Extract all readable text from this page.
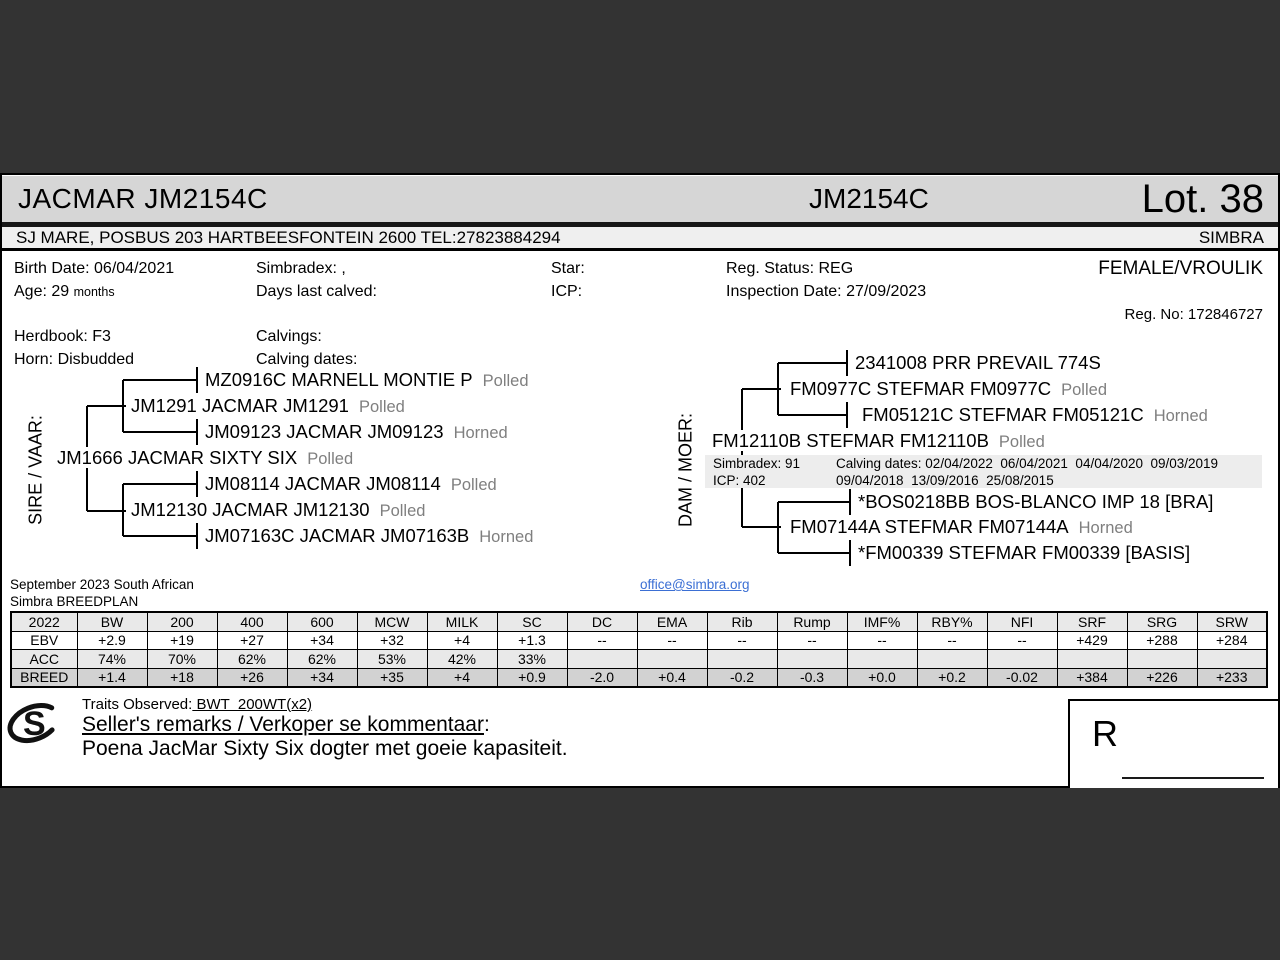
JACMAR JM2154C	JM2154C	Lot. 38
SJ MARE, POSBUS 203 HARTBEESFONTEIN 2600 TEL:27823884294	SIMBRA
Birth Date: 06/04/2021
Age: 29 months
Herdbook: F3
Horn: Disbudded
Simbradex: ,
Days last calved:
Calvings:
Calving dates:
Star:
ICP:
Reg. Status: REG
Inspection Date: 27/09/2023
FEMALE/VROULIK
Reg. No: 172846727
SIRE / VAAR:	DAM / MOER:
MZ0916C MARNELL MONTIE P Polled
JM1291 JACMAR JM1291 Polled
JM09123 JACMAR JM09123 Horned
JM1666 JACMAR SIXTY SIX Polled
JM08114 JACMAR JM08114 Polled
JM12130 JACMAR JM12130 Polled
JM07163C JACMAR JM07163B Horned
2341008 PRR PREVAIL 774S
FM0977C STEFMAR FM0977C Polled
FM05121C STEFMAR FM05121C Horned
FM12110B STEFMAR FM12110B Polled
*BOS0218BB BOS-BLANCO IMP 18 [BRA]
FM07144A STEFMAR FM07144A Horned
*FM00339 STEFMAR FM00339 [BASIS]
Simbradex: 91
ICP: 402
Calving dates: 02/04/2022  06/04/2021  04/04/2020  09/03/2019
09/04/2018  13/09/2016  25/08/2015
September 2023 South African
Simbra BREEDPLAN
office@simbra.org
2022	BW	200	400	600	MCW	MILK	SC	DC	EMA	Rib	Rump	IMF%	RBY%	NFI	SRF	SRG	SRW
EBV	+2.9	+19	+27	+34	+32	+4	+1.3	--	--	--	--	--	--	--	+429	+288	+284
ACC	74%	70%	62%	62%	53%	42%	33%										
BREED	+1.4	+18	+26	+34	+35	+4	+0.9	-2.0	+0.4	-0.2	-0.3	+0.0	+0.2	-0.02	+384	+226	+233
Traits Observed: BWT  200WT(x2)
Seller's remarks / Verkoper se kommentaar:
Poena JacMar Sixty Six dogter met goeie kapasiteit.
S	R
